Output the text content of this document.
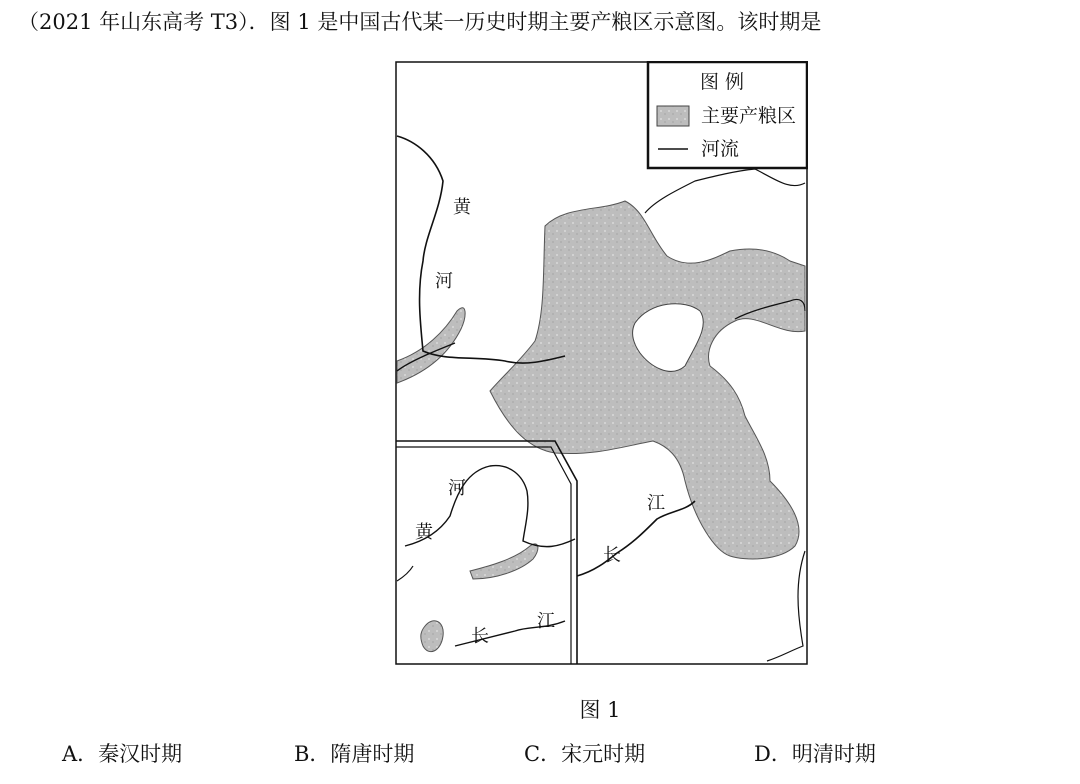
（2021 年山东高考 T3）．图 1 是中国古代某一历史时期主要产粮区示意图。该时期是
图 例
主要产粮区
河流
黄
河
江
长
河
黄
长
江
图 1
A．秦汉时期	B．隋唐时期	C．宋元时期	D．明清时期
